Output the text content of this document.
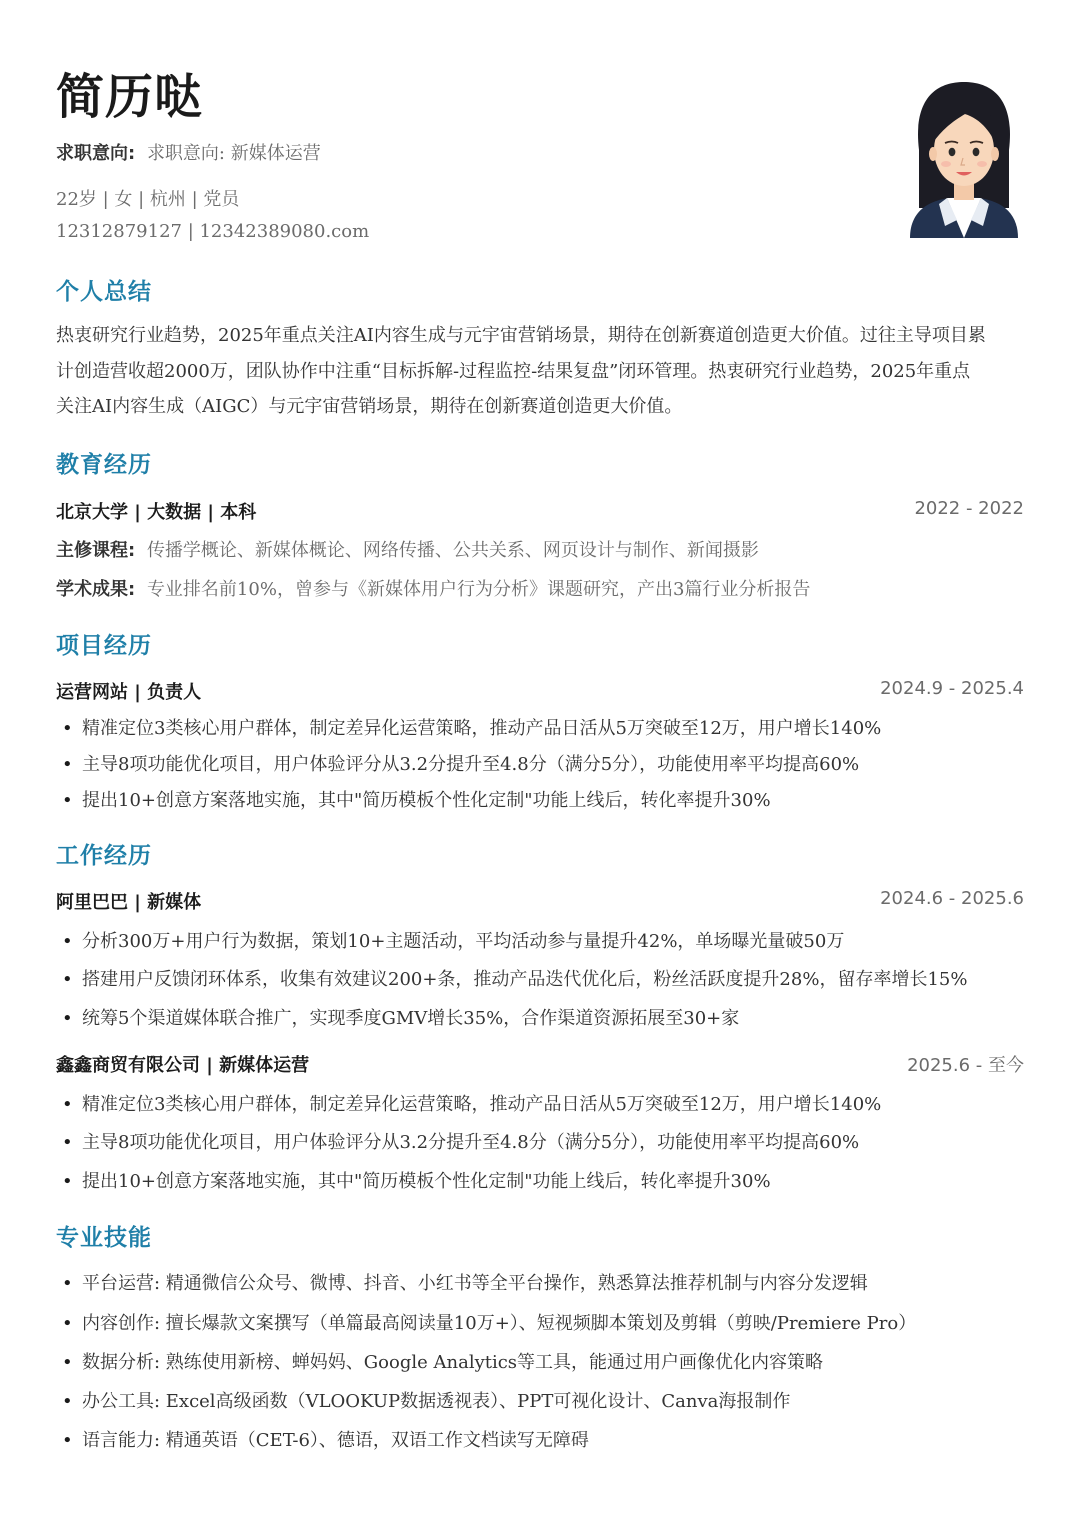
简历哒
求职意向: 求职意向: 新媒体运营
22岁 | 女 | 杭州 | 党员
12312879127 | 12342389080.com
个人总结
热衷研究行业趋势，2025年重点关注AI内容生成与元宇宙营销场景，期待在创新赛道创造更大价值。过往主导项目累
计创造营收超2000万，团队协作中注重“目标拆解-过程监控-结果复盘”闭环管理。热衷研究行业趋势，2025年重点
关注AI内容生成（AIGC）与元宇宙营销场景，期待在创新赛道创造更大价值。
教育经历
北京大学 | 大数据 | 本科	2022 - 2022
主修课程: 传播学概论、新媒体概论、网络传播、公共关系、网页设计与制作、新闻摄影
学术成果: 专业排名前10%，曾参与《新媒体用户行为分析》课题研究，产出3篇行业分析报告
项目经历
运营网站 | 负责人	2024.9 - 2025.4
• 精准定位3类核心用户群体，制定差异化运营策略，推动产品日活从5万突破至12万，用户增长140%
• 主导8项功能优化项目，用户体验评分从3.2分提升至4.8分（满分5分），功能使用率平均提高60%
• 提出10+创意方案落地实施，其中"简历模板个性化定制"功能上线后，转化率提升30%
工作经历
阿里巴巴 | 新媒体	2024.6 - 2025.6
• 分析300万+用户行为数据，策划10+主题活动，平均活动参与量提升42%，单场曝光量破50万
• 搭建用户反馈闭环体系，收集有效建议200+条，推动产品迭代优化后，粉丝活跃度提升28%，留存率增长15%
• 统筹5个渠道媒体联合推广，实现季度GMV增长35%，合作渠道资源拓展至30+家
鑫鑫商贸有限公司 | 新媒体运营	2025.6 - 至今
• 精准定位3类核心用户群体，制定差异化运营策略，推动产品日活从5万突破至12万，用户增长140%
• 主导8项功能优化项目，用户体验评分从3.2分提升至4.8分（满分5分），功能使用率平均提高60%
• 提出10+创意方案落地实施，其中"简历模板个性化定制"功能上线后，转化率提升30%
专业技能
• 平台运营: 精通微信公众号、微博、抖音、小红书等全平台操作，熟悉算法推荐机制与内容分发逻辑
• 内容创作: 擅长爆款文案撰写（单篇最高阅读量10万+）、短视频脚本策划及剪辑（剪映/Premiere Pro）
• 数据分析: 熟练使用新榜、蝉妈妈、Google Analytics等工具，能通过用户画像优化内容策略
• 办公工具: Excel高级函数（VLOOKUP数据透视表）、PPT可视化设计、Canva海报制作
• 语言能力: 精通英语（CET-6）、德语，双语工作文档读写无障碍
